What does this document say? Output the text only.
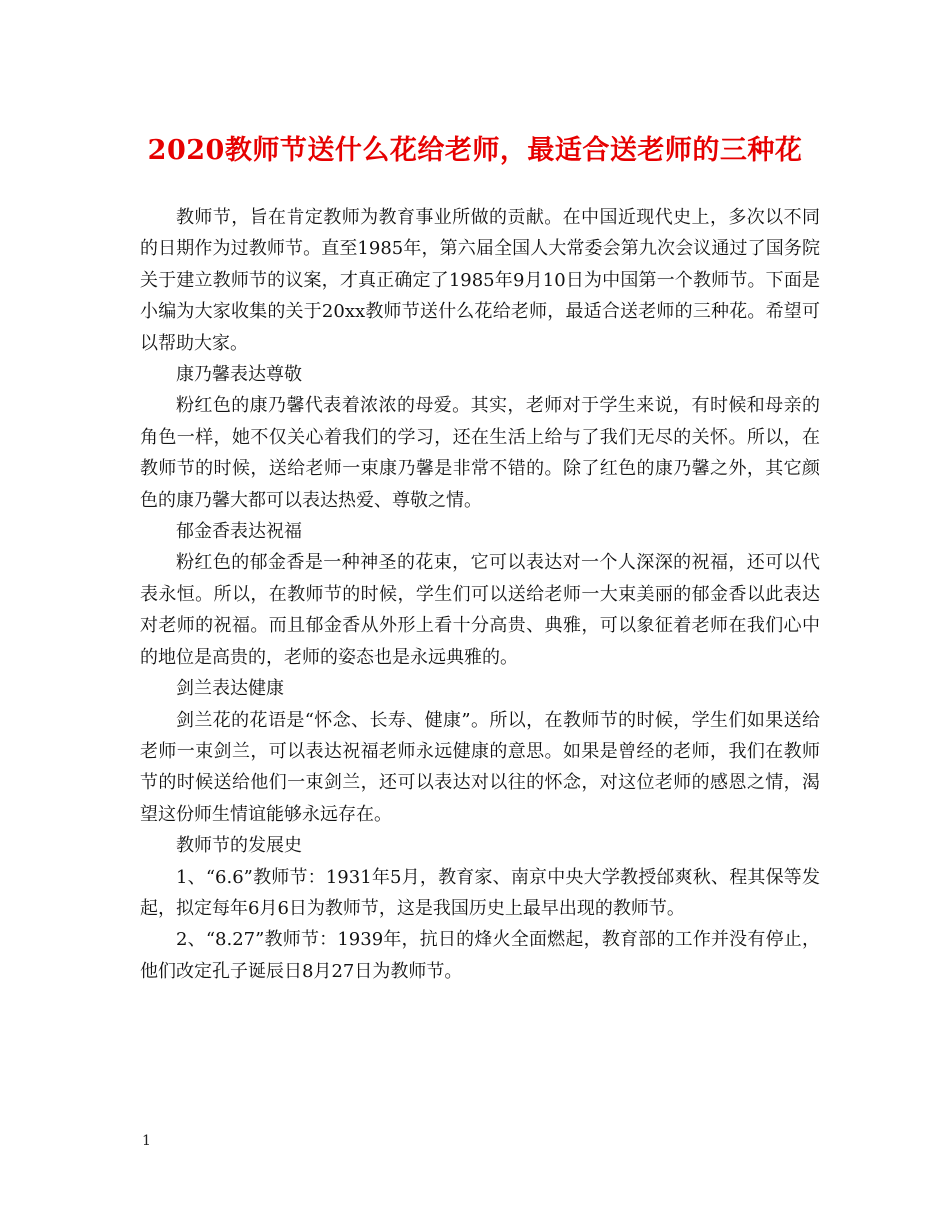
2020教师节送什么花给老师，最适合送老师的三种花

教师节，旨在肯定教师为教育事业所做的贡献。在中国近现代史上，多次以不同的日期作为过教师节。直至1985年，第六届全国人大常委会第九次会议通过了国务院关于建立教师节的议案，才真正确定了1985年9月10日为中国第一个教师节。下面是小编为大家收集的关于20xx教师节送什么花给老师，最适合送老师的三种花。希望可以帮助大家。

康乃馨表达尊敬

粉红色的康乃馨代表着浓浓的母爱。其实，老师对于学生来说，有时候和母亲的角色一样，她不仅关心着我们的学习，还在生活上给与了我们无尽的关怀。所以，在教师节的时候，送给老师一束康乃馨是非常不错的。除了红色的康乃馨之外，其它颜色的康乃馨大都可以表达热爱、尊敬之情。

郁金香表达祝福

粉红色的郁金香是一种神圣的花束，它可以表达对一个人深深的祝福，还可以代表永恒。所以，在教师节的时候，学生们可以送给老师一大束美丽的郁金香以此表达对老师的祝福。而且郁金香从外形上看十分高贵、典雅，可以象征着老师在我们心中的地位是高贵的，老师的姿态也是永远典雅的。

剑兰表达健康

剑兰花的花语是“怀念、长寿、健康”。所以，在教师节的时候，学生们如果送给老师一束剑兰，可以表达祝福老师永远健康的意思。如果是曾经的老师，我们在教师节的时候送给他们一束剑兰，还可以表达对以往的怀念，对这位老师的感恩之情，渴望这份师生情谊能够永远存在。

教师节的发展史

1、“6.6”教师节：1931年5月，教育家、南京中央大学教授邰爽秋、程其保等发起，拟定每年6月6日为教师节，这是我国历史上最早出现的教师节。

2、“8.27”教师节：1939年，抗日的烽火全面燃起，教育部的工作并没有停止，他们改定孔子诞辰日8月27日为教师节。

1
